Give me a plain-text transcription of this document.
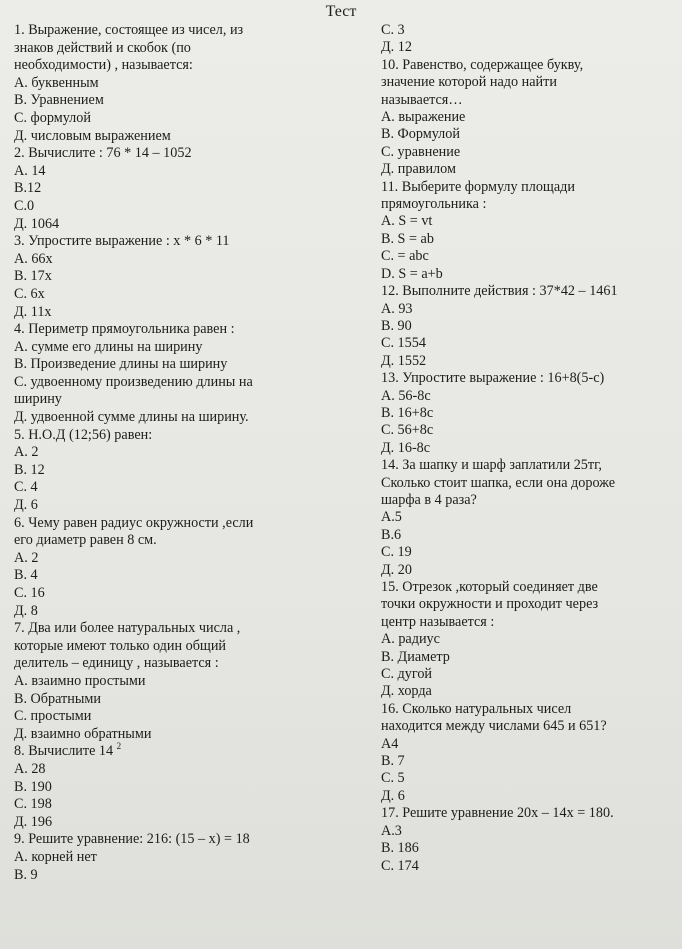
Тест
1. Выражение, состоящее из чисел, из
знаков действий и скобок (по
необходимости) , называется:
А. буквенным
В. Уравнением
С. формулой
Д. числовым выражением
2. Вычислите : 76 * 14 – 1052
А. 14
В.12
С.0
Д. 1064
3. Упростите выражение : х * 6 * 11
А. 66х
В. 17х
С. 6х
Д. 11х
4. Периметр прямоугольника равен :
А. сумме его длины на ширину
В. Произведение длины на ширину
С. удвоенному произведению длины на
ширину
Д. удвоенной сумме длины на ширину.
5. Н.О.Д (12;56) равен:
А. 2
В. 12
С. 4
Д. 6
6. Чему равен радиус окружности ,если
его диаметр равен 8 см.
А. 2
В. 4
С. 16
Д. 8
7. Два или более натуральных числа ,
которые имеют только один общий
делитель – единицу , называется :
А. взаимно простыми
В. Обратными
С. простыми
Д. взаимно обратными
8. Вычислите 14 $^2$
А. 28
В. 190
С. 198
Д. 196
9. Решите уравнение: 216: (15 – x) = 18
А. корней нет
В. 9
С. 3
Д. 12
10. Равенство, содержащее букву,
значение которой надо найти
называется…
А. выражение
В. Формулой
С. уравнение
Д. правилом
11. Выберите формулу площади
прямоугольника :
А. S = vt
В. S = ab
С. = abc
D. S = a+b
12. Выполните действия : 37*42 – 1461
А. 93
В. 90
С. 1554
Д. 1552
13. Упростите выражение : 16+8(5-с)
А. 56-8с
В. 16+8с
С. 56+8с
Д. 16-8с
14. За шапку и шарф заплатили 25тг,
Сколько стоит шапка, если она дороже
шарфа в 4 раза?
А.5
В.6
С. 19
Д. 20
15. Отрезок ,который соединяет две
точки окружности и проходит через
центр называется :
А. радиус
В. Диаметр
С. дугой
Д. хорда
16. Сколько натуральных чисел
находится между числами 645 и 651?
А4
В. 7
С. 5
Д. 6
17. Решите уравнение 20х – 14х = 180.
А.3
В. 186
С. 174
